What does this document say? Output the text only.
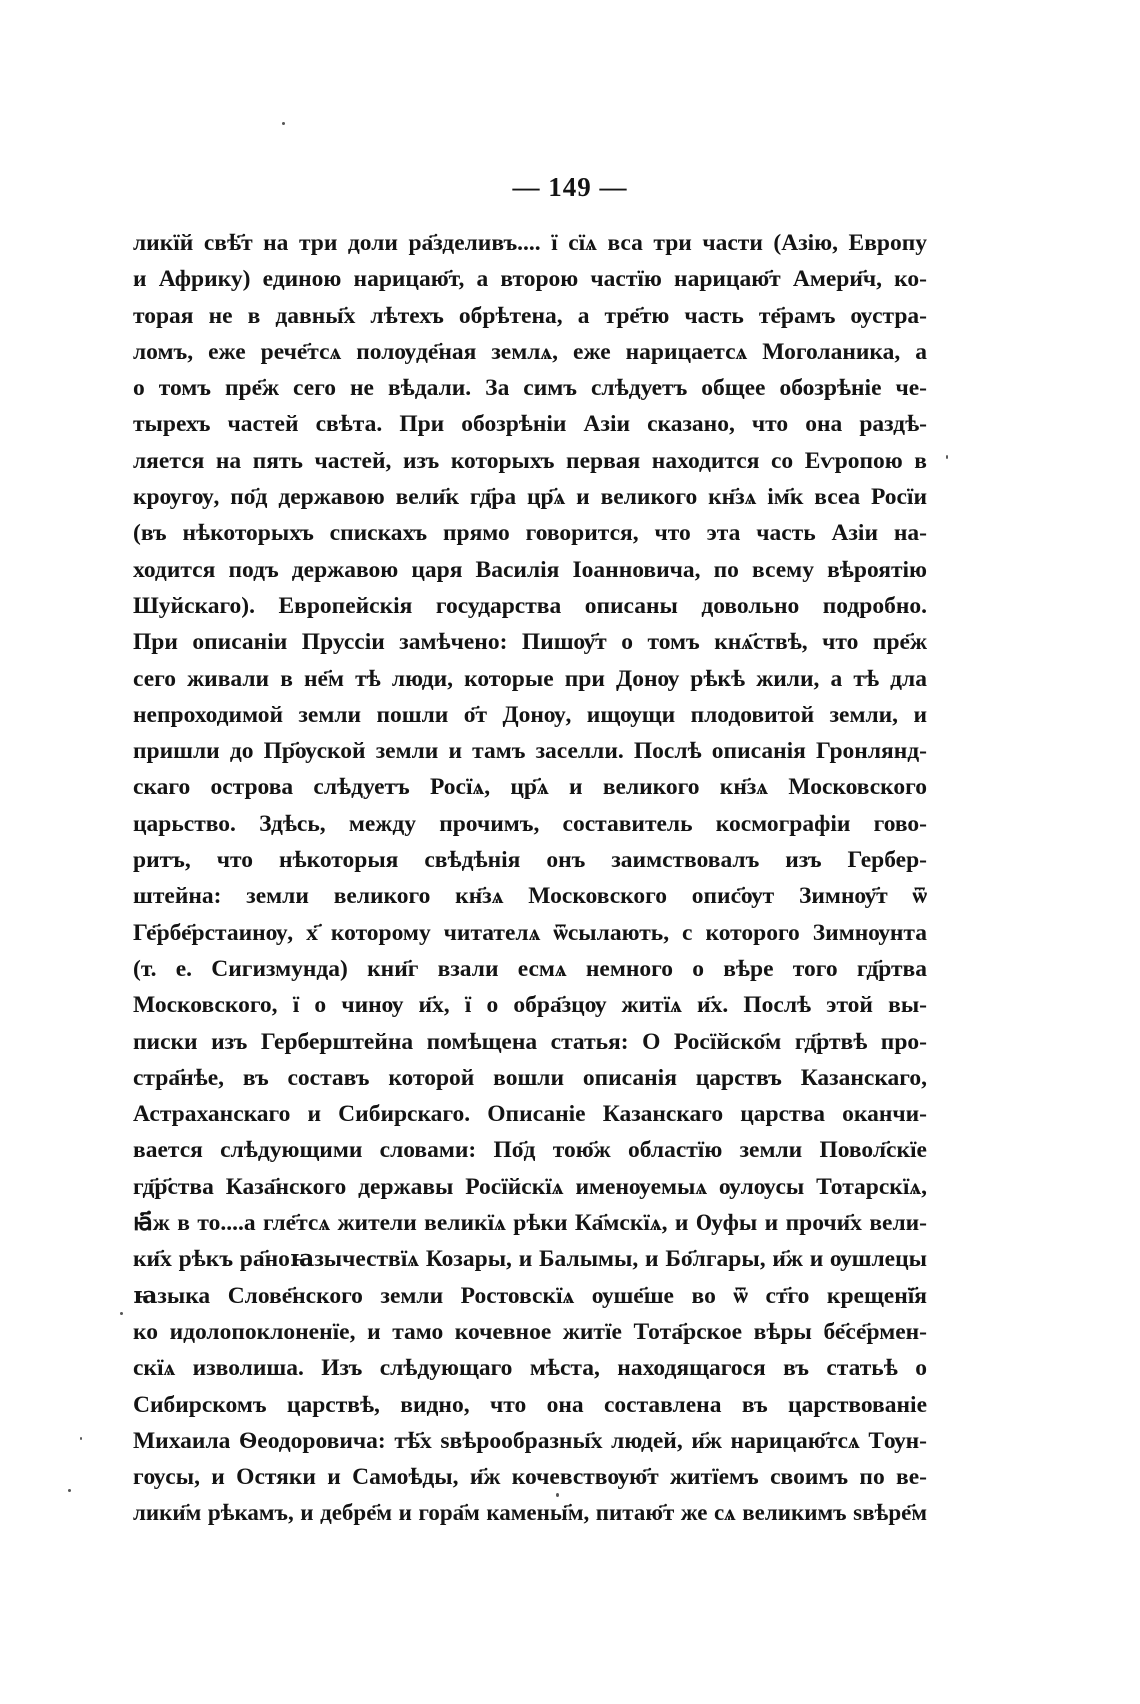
— 149 —
ликїй свѣ҃т на три доли ра҃зделивъ.... ї сїѧ вса три части (Азію, Европу
и Африку) единою нарицаю҃т, а второю частїю нарицаю҃т Амери҃ч, ко-
торая не в давны҃х лѣтехъ обрѣтена, а тре҃тю часть те҃рамъ ѹстра-
ломъ, еже рече҃тсѧ полѹде҃ная землѧ, еже нарицаетсѧ Моголаника, а
о томъ пре҃ж сего не вѣдали. За симъ слѣдуетъ общее обозрѣніе че-
тырехъ частей свѣта. При обозрѣніи Азіи сказано, что она раздѣ-
ляется на пять частей, изъ которыхъ первая находится со Еѵропою в
крѹгѹ, по҃д державою вели҃к гд҃ра цр҃ѧ и великого кн҃зѧ ім҃к всеа Росїи
(въ нѣкоторыхъ спискахъ прямо говорится, что эта часть Азіи на-
ходится подъ державою царя Василія Іоанновича, по всему вѣроятію
Шуйскаго). Европейскія государства описаны довольно подробно.
При описаніи Пруссіи замѣчено: Пишѹ҃т о томъ кнѧ҃ствѣ, что пре҃ж
сего живали в не҃м тѣ люди, которые при Донѹ рѣкѣ жили, а тѣ дла
непроходимой земли пошли о҃т Донѹ, ищѹщи плодовитой земли, и
пришли до Пр҃ѹской земли и тамъ заселли. Послѣ описанія Гронлянд-
скаго острова слѣдуетъ Росїѧ, цр҃ѧ и великого кн҃зѧ Московского
царьство. Здѣсь, между прочимъ, составитель космографіи гово-
ритъ, что нѣкоторыя свѣдѣнія онъ заимствовалъ изъ Гербер-
штейна: земли великого кн҃зѧ Московского опис҃ѹт Зимнѹ҃т ѿ
Ге҃рбе҃рстаинѹ, х҃ которому читателѧ ѿсылають, с которого Зимнѹнта
(т. е. Сигизмунда) кни҃г взали есмѧ немного о вѣре того гд҃ртва
Московского, ї о чинѹ и҃х, ї о обра҃зцѹ житїѧ и҃х. Послѣ этой вы-
писки изъ Герберштейна помѣщена статья: О Росїйско҃м гд҃ртвѣ про-
стра҃нѣе, въ составъ которой вошли описанія царствъ Казанскаго,
Астраханскаго и Сибирскаго. Описаніе Казанскаго царства оканчи-
вается слѣдующими словами: По҃д тою҃ж областїю земли Повол҃скїе
гд҃р҃ства Каза҃нского державы Росїйскїѧ именѹемыѧ ѹлѹсы Тотарскїѧ,
ꙗ҃ж в то....а гле҃тсѧ жители великїѧ рѣки Ка҃мскїѧ, и Ѹфы и прочи҃х вели-
ки҃х рѣкъ ра҃ноꙗзычествїѧ Козары, и Балымы, и Бо҃лгары, и҃ж и ѹшлецы
ꙗзыка Слове҃нского земли Ростовскїѧ ѹше҃ше во ѿ ст҃го крещенї҃я
ко идолопоклоненїе, и тамо кочевное житїе Тота҃рское вѣры бе҃се҃рмен-
скїѧ изволиша. Изъ слѣдующаго мѣста, находящагося въ статьѣ о
Сибирскомъ царствѣ, видно, что она составлена въ царствованіе
Михаила Ѳеодоровича: тѣ҃х ѕвѣрообразны҃х людей, и҃ж нарицаю҃тсѧ Тѹн-
гѹсы, и Остяки и Самоѣды, и҃ж кочевствѹю҃т житїемъ своимъ по ве-
лики҃м рѣкамъ, и дебре҃м и гора҃м камены҃м, питаю҃т же сѧ великимъ ѕвѣре҃м
